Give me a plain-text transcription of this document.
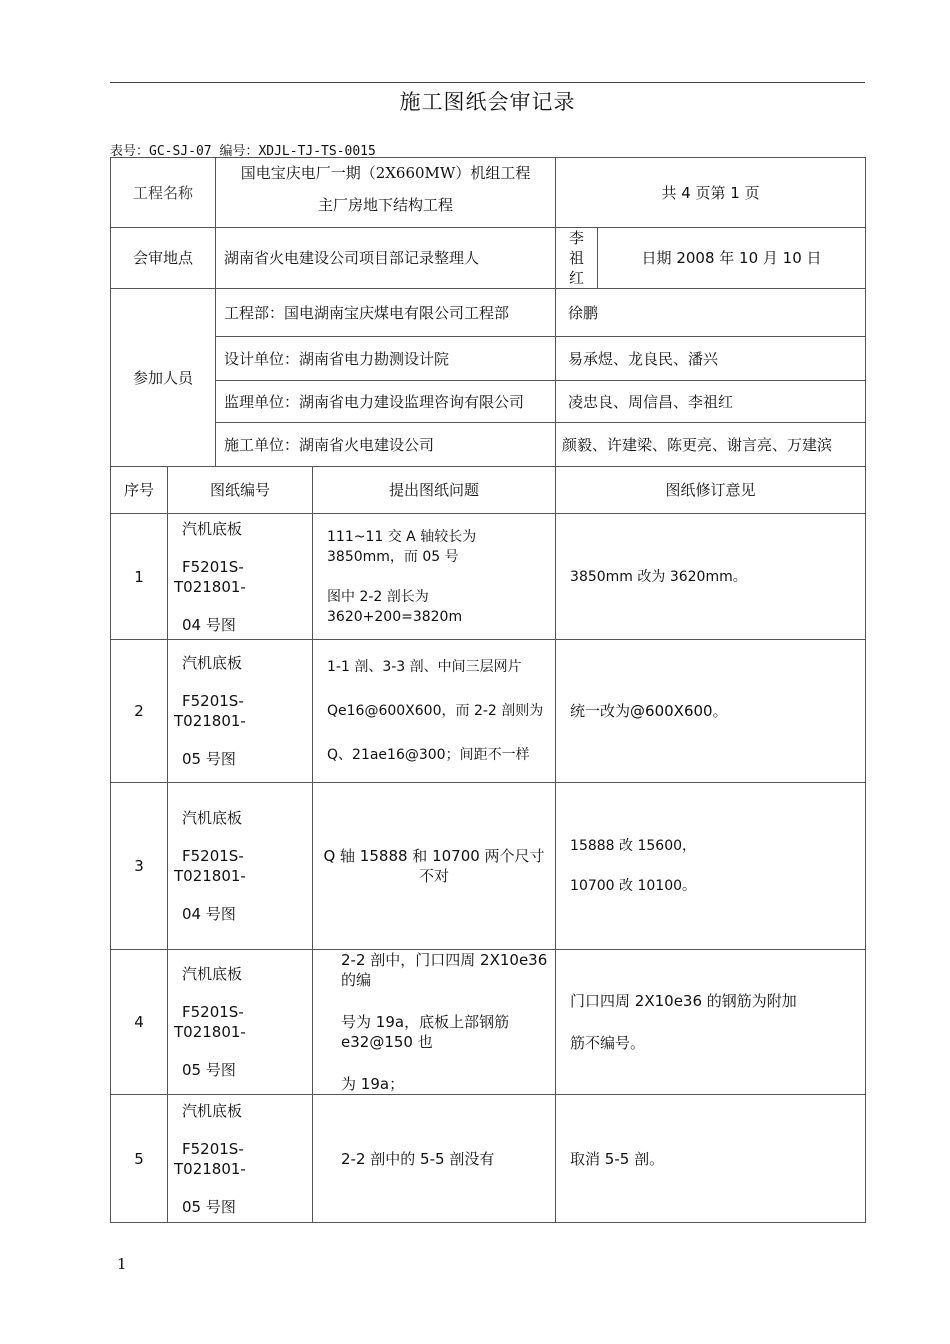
施工图纸会审记录
表号：GC-SJ-07 编号：XDJL-TJ-TS-0015
工程名称		国电宝庆电厂一期（2X660MW）机组工程
主厂房地下结构工程		共 4 页第 1 页	
会审地点		湖南省火电建设公司项目部记录整理人		李祖红	日期 2008 年 10 月 10 日
参加人员		工程部：国电湖南宝庆煤电有限公司工程部		徐鹏	
		设计单位：湖南省电力勘测设计院		易承煜、龙良民、潘兴	
		监理单位：湖南省电力建设监理咨询有限公司		凌忠良、周信昌、李祖红	
		施工单位：湖南省火电建设公司		颜毅、许建梁、陈更亮、谢言亮、万建滨	
序号	图纸编号		提出图纸问题	图纸修订意见	
1	汽机底板
F5201S-
T021801-
04 号图		111~11 交 A 轴较长为 3850mm，而 05 号
图中 2-2 剖长为 3620+200=3820m	3850mm 改为 3620mm。	

2	汽机底板
F5201S-
T021801-
05 号图		1-1 剖、3-3 剖、中间三层网片
Qe16@600X600，而 2-2 剖则为
Q、21ae16@300；间距不一样	统一改为@600X600。	

3	汽机底板
F5201S-
T021801-
04 号图		Q 轴 15888 和 10700 两个尺寸不对	15888 改 15600，
10700 改 10100。	

4	汽机底板
F5201S-
T021801-
05 号图		2-2 剖中，门口四周 2X10e36 的编
号为 19a，底板上部钢筋 e32@150 也
为 19a；	门口四周 2X10e36 的钢筋为附加
筋不编号。	

5	汽机底板
F5201S-
T021801-
05 号图		2-2 剖中的 5-5 剖没有	取消 5-5 剖。	
1
